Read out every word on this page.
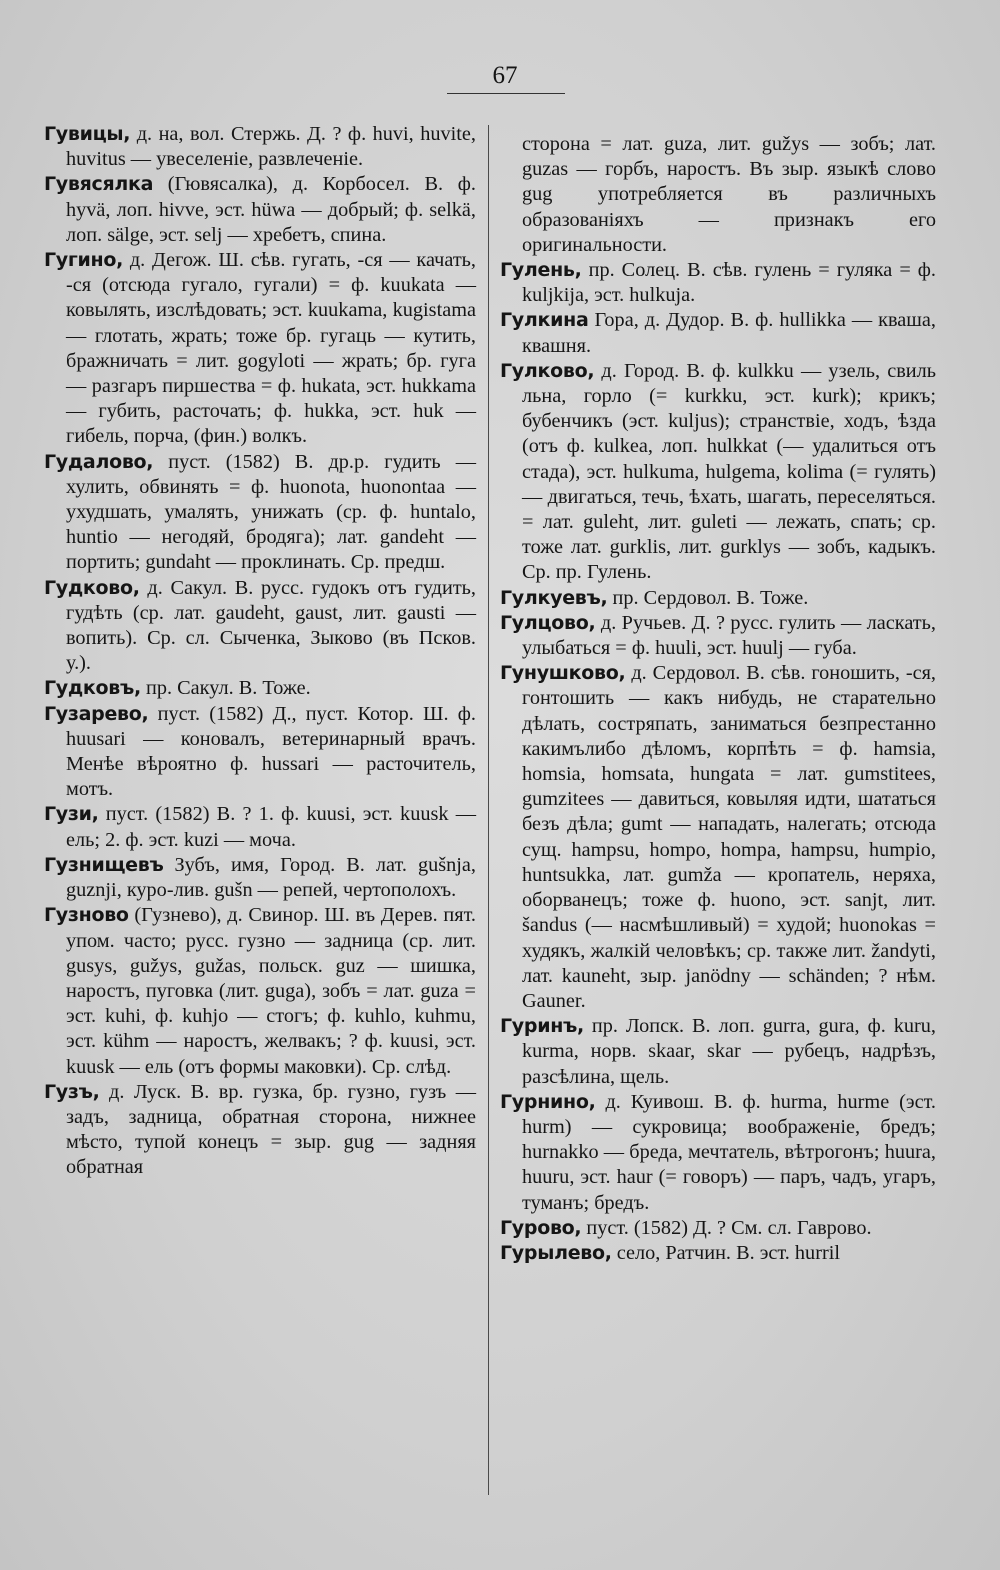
67

Гувицы, д. на, вол. Стержь. Д. ? ф. huvi, huvite, huvitus — увеселеніе, развлеченіе.

Гувясялка (Гювясалка), д. Корбосел. В. ф. hyvä, лоп. hivve, эст. hüwa — добрый; ф. selkä, лоп. sälge, эст. selj — хребетъ, спина.

Гугино, д. Дегож. Ш. сѣв. гугать, -ся — качать, -ся (отсюда гугало, гугали) = ф. kuukata — ковылять, изслѣдовать; эст. kuukama, kugistama — глотать, жрать; тоже бр. гугаць — кутить, бражничать = лит. gogyloti — жрать; бр. гуга — разгаръ пиршества = ф. hukata, эст. hukkama — губить, расточать; ф. hukka, эст. huk — гибель, порча, (фин.) волкъ.

Гудалово, пуст. (1582) В. др.р. гудить — хулить, обвинять = ф. huonota, huonontaa — ухудшать, умалять, унижать (ср. ф. huntalo, huntio — негодяй, бродяга); лат. gandeht — портить; gundaht — проклинать. Ср. предш.

Гудково, д. Сакул. В. русс. гудокъ отъ гудить, гудѣть (ср. лат. gaudeht, gaust, лит. gausti — вопить). Ср. сл. Сыченка, Зыково (въ Псков. у.).

Гудковъ, пр. Сакул. В. Тоже.

Гузарево, пуст. (1582) Д., пуст. Котор. Ш. ф. huusari — коновалъ, ветеринарный врачъ. Менѣе вѣроятно ф. hussari — расточитель, мотъ.

Гузи, пуст. (1582) В. ? 1. ф. kuusi, эст. kuusk — ель; 2. ф. эст. kuzi — моча.

Гузнищевъ Зубъ, имя, Город. В. лат. gušnja, guznji, куро-лив. gušn — репей, чертополохъ.

Гузново (Гузнево), д. Свинор. Ш. въ Дерев. пят. упом. часто; русс. гузно — задница (ср. лит. gusys, gužys, gužas, польск. guz — шишка, наростъ, пуговка (лит. guga), зобъ = лат. guza = эст. kuhi, ф. kuhjo — стогъ; ф. kuhlo, kuhmu, эст. kühm — наростъ, желвакъ; ? ф. kuusi, эст. kuusk — ель (отъ формы маковки). Ср. слѣд.

Гузъ, д. Луск. В. вр. гузка, бр. гузно, гузъ — задъ, задница, обратная сторона, нижнее мѣсто, тупой конецъ = зыр. gug — задняя обратная

сторона = лат. guza, лит. gužys — зобъ; лат. guzas — горбъ, наростъ. Въ зыр. языкѣ слово gug употребляется въ различныхъ образованіяхъ — признакъ его оригинальности.

Гулень, пр. Солец. В. сѣв. гулень = гуляка = ф. kuljkija, эст. hulkuja.

Гулкина Гора, д. Дудор. В. ф. hullikka — кваша, квашня.

Гулково, д. Город. В. ф. kulkku — узель, свиль льна, горло (= kurkku, эст. kurk); крикъ; бубенчикъ (эст. kuljus); странствіе, ходъ, ѣзда (отъ ф. kulkea, лоп. hulkkat (— удалиться отъ стада), эст. hulkuma, hulgema, kolima (= гулять) — двигаться, течь, ѣхать, шагать, переселяться. = лат. guleht, лит. guleti — лежать, спать; ср. тоже лат. gurklis, лит. gurklys — зобъ, кадыкъ. Ср. пр. Гулень.

Гулкуевъ, пр. Сердовол. В. Тоже.

Гулцово, д. Ручьев. Д. ? русс. гулить — ласкать, улыбаться = ф. huuli, эст. huulj — губа.

Гунушково, д. Сердовол. В. сѣв. гоношить, -ся, гонтошить — какъ нибудь, не старательно дѣлать, состряпать, заниматься безпрестанно какимълибо дѣломъ, корпѣть = ф. hamsia, homsia, homsata, hungata = лат. gumstitees, gumzitees — давиться, ковыляя идти, шататься безъ дѣла; gumt — нападать, налегать; отсюда сущ. hampsu, hompo, hompa, hampsu, humpio, huntsukka, лат. gumža — кропатель, неряха, оборванецъ; тоже ф. huono, эст. sanjt, лит. šandus (— насмѣшливый) = худой; huonokas = худякъ, жалкій человѣкъ; ср. также лит. žandyti, лат. kauneht, зыр. janödny — schänden; ? нѣм. Gauner.

Гуринъ, пр. Лопск. В. лоп. gurra, gura, ф. kuru, kurma, норв. skaar, skar — рубецъ, надрѣзъ, разсѣлина, щель.

Гурнино, д. Куивош. В. ф. hurma, hurme (эст. hurm) — сукровица; воображеніе, бредъ; hurnakko — бреда, мечтатель, вѣтрогонъ; huura, huuru, эст. haur (= говоръ) — паръ, чадъ, угаръ, туманъ; бредъ.

Гурово, пуст. (1582) Д. ? См. сл. Гаврово.

Гурылево, село, Ратчин. В. эст. hurril
